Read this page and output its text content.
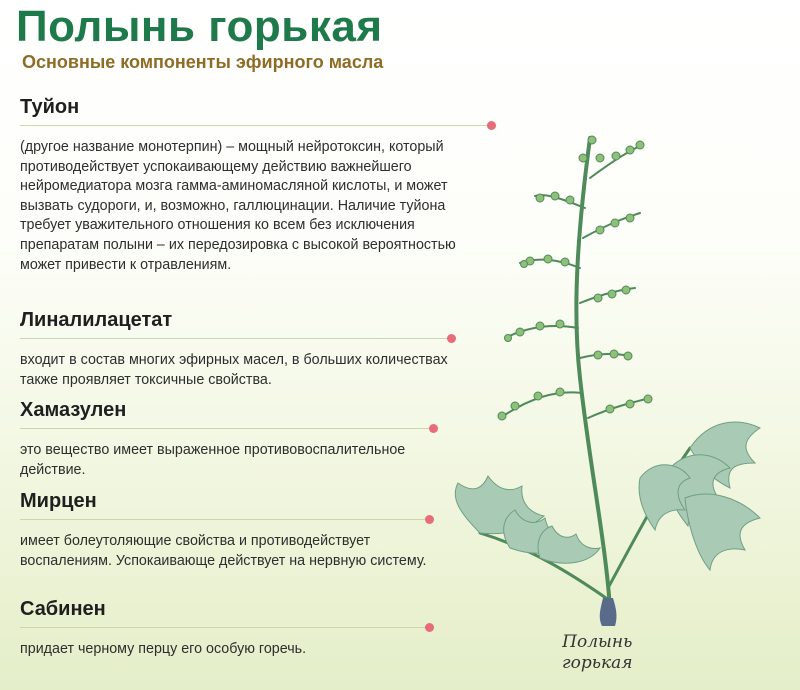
Полынь горькая
Основные компоненты эфирного масла
Туйон

(другое название монотерпин) – мощный нейротоксин, который противодействует успокаивающему действию важнейшего нейромедиатора мозга гамма-аминомасляной кислоты, и может вызвать судороги, и, возможно, галлюцинации. Наличие туйона требует уважительного отношения ко всем без исключения препаратам полыни – их передозировка с высокой вероятностью может привести к отравлениям.

Линалилацетат

входит в состав многих эфирных масел, в больших количествах также проявляет токсичные свойства.

Хамазулен

это вещество имеет выраженное противовоспалительное действие.

Мирцен

имеет болеутоляющие свойства и противодействует воспалениям. Успокаивающе действует на нервную систему.

Сабинен

придает черному перцу его особую горечь.	Полынь
горькая
